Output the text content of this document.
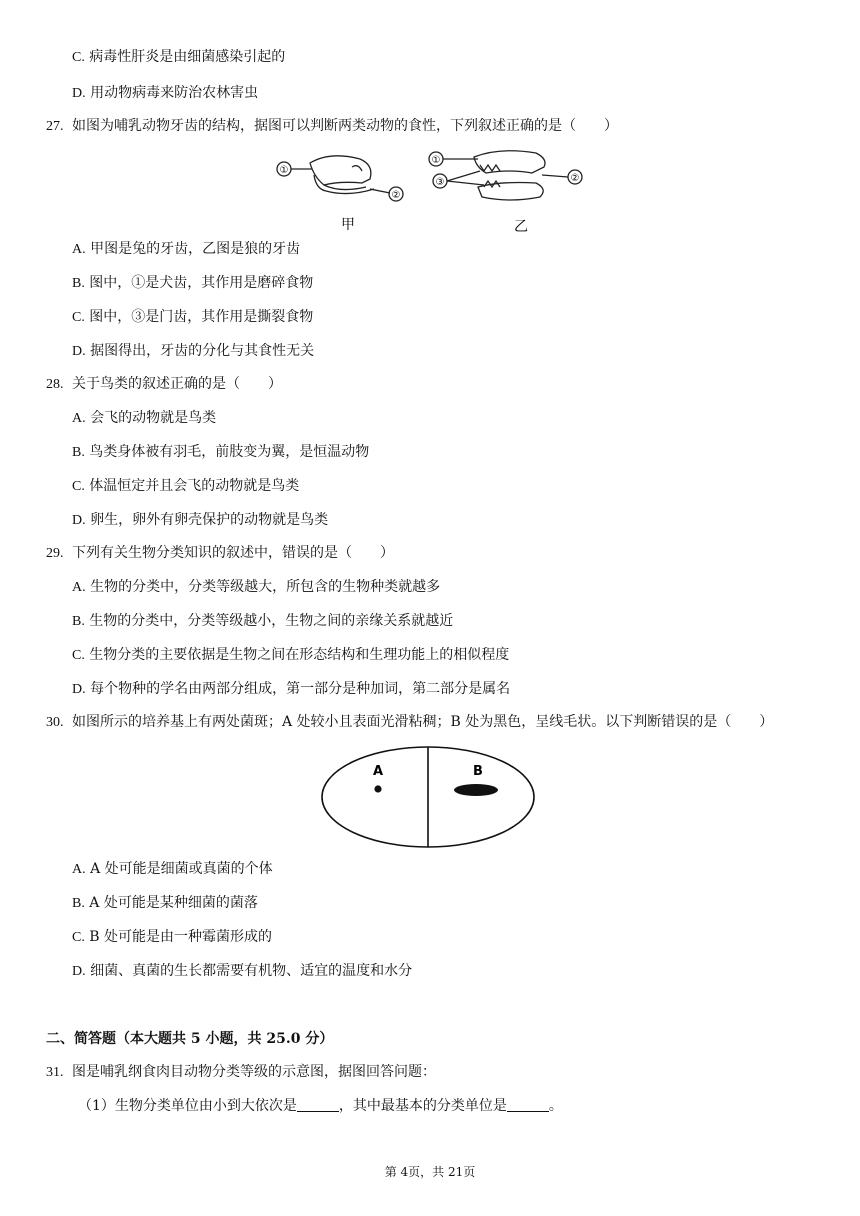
C. 病毒性肝炎是由细菌感染引起的
D. 用动物病毒来防治农林害虫
27. 如图为哺乳动物牙齿的结构，据图可以判断两类动物的食性，下列叙述正确的是（　　）
①
②
甲
①
③	②
乙
A. 甲图是兔的牙齿，乙图是狼的牙齿
B. 图中，①是犬齿，其作用是磨碎食物
C. 图中，③是门齿，其作用是撕裂食物
D. 据图得出，牙齿的分化与其食性无关
28. 关于鸟类的叙述正确的是（　　）
A. 会飞的动物就是鸟类
B. 鸟类身体被有羽毛，前肢变为翼，是恒温动物
C. 体温恒定并且会飞的动物就是鸟类
D. 卵生，卵外有卵壳保护的动物就是鸟类
29. 下列有关生物分类知识的叙述中，错误的是（　　）
A. 生物的分类中，分类等级越大，所包含的生物种类就越多
B. 生物的分类中，分类等级越小，生物之间的亲缘关系就越近
C. 生物分类的主要依据是生物之间在形态结构和生理功能上的相似程度
D. 每个物种的学名由两部分组成，第一部分是种加词，第二部分是属名
30. 如图所示的培养基上有两处菌斑；A 处较小且表面光滑粘稠；B 处为黑色，呈线毛状。以下判断错误的是（　　）
A	B
A. A 处可能是细菌或真菌的个体
B. A 处可能是某种细菌的菌落
C. B 处可能是由一种霉菌形成的
D. 细菌、真菌的生长都需要有机物、适宜的温度和水分
二、简答题（本大题共 5 小题，共 25.0 分）
31. 图是哺乳纲食肉目动物分类等级的示意图，据图回答问题：
（1）生物分类单位由小到大依次是	，其中最基本的分类单位是	。
第 4页，共 21页
